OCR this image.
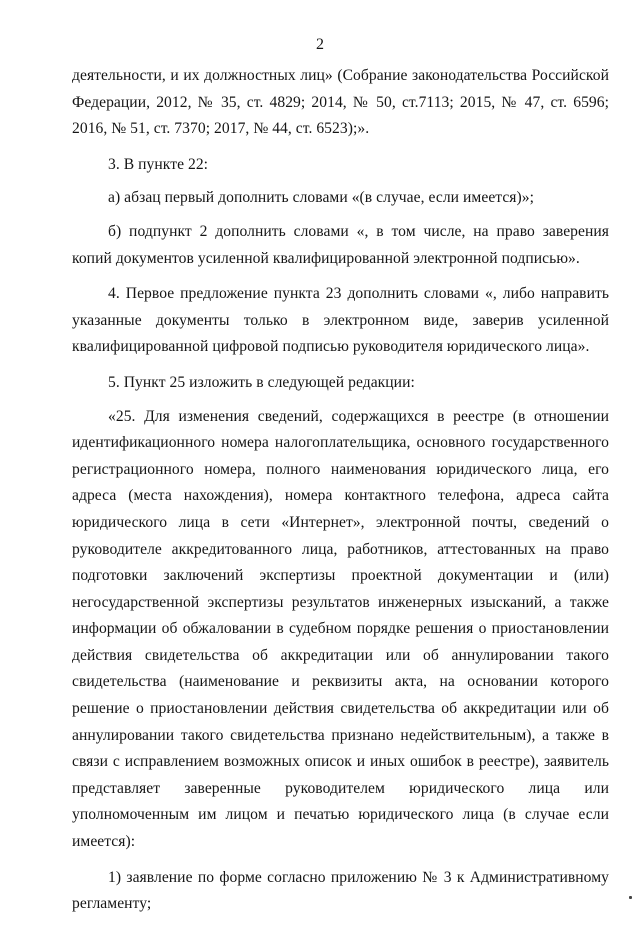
2

деятельности, и их должностных лиц» (Собрание законодательства Российской Федерации, 2012, № 35, ст. 4829; 2014, № 50, ст.7113; 2015, № 47, ст. 6596; 2016, № 51, ст. 7370; 2017, № 44, ст. 6523);».

3. В пункте 22:

а) абзац первый дополнить словами «(в случае, если имеется)»;

б) подпункт 2 дополнить словами «, в том числе, на право заверения копий документов усиленной квалифицированной электронной подписью».

4. Первое предложение пункта 23 дополнить словами «, либо направить указанные документы только в электронном виде, заверив усиленной квалифицированной цифровой подписью руководителя юридического лица».

5. Пункт 25 изложить в следующей редакции:

«25. Для изменения сведений, содержащихся в реестре (в отношении идентификационного номера налогоплательщика, основного государственного регистрационного номера, полного наименования юридического лица, его адреса (места нахождения), номера контактного телефона, адреса сайта юридического лица в сети «Интернет», электронной почты, сведений о руководителе аккредитованного лица, работников, аттестованных на право подготовки заключений экспертизы проектной документации и (или) негосударственной экспертизы результатов инженерных изысканий, а также информации об обжаловании в судебном порядке решения о приостановлении действия свидетельства об аккредитации или об аннулировании такого свидетельства (наименование и реквизиты акта, на основании которого решение о приостановлении действия свидетельства об аккредитации или об аннулировании такого свидетельства признано недействительным), а также в связи с исправлением возможных описок и иных ошибок в реестре), заявитель представляет заверенные руководителем юридического лица или уполномоченным им лицом и печатью юридического лица (в случае если имеется):

1) заявление по форме согласно приложению № 3 к Административному регламенту;
